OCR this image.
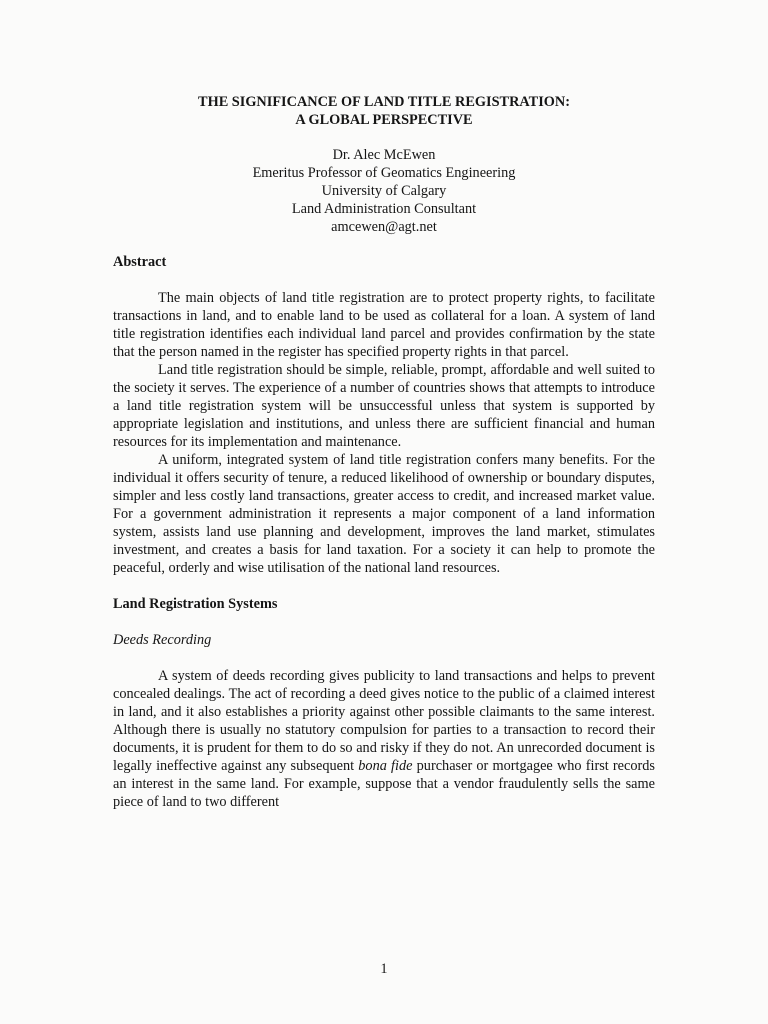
THE SIGNIFICANCE OF LAND TITLE REGISTRATION:
A GLOBAL PERSPECTIVE
Dr. Alec McEwen
Emeritus Professor of Geomatics Engineering
University of Calgary
Land Administration Consultant
amcewen@agt.net
Abstract

The main objects of land title registration are to protect property rights, to facilitate transactions in land, and to enable land to be used as collateral for a loan. A system of land title registration identifies each individual land parcel and provides confirmation by the state that the person named in the register has specified property rights in that parcel.

Land title registration should be simple, reliable, prompt, affordable and well suited to the society it serves. The experience of a number of countries shows that attempts to introduce a land title registration system will be unsuccessful unless that system is supported by appropriate legislation and institutions, and unless there are sufficient financial and human resources for its implementation and maintenance.

A uniform, integrated system of land title registration confers many benefits. For the individual it offers security of tenure, a reduced likelihood of ownership or boundary disputes, simpler and less costly land transactions, greater access to credit, and increased market value. For a government administration it represents a major component of a land information system, assists land use planning and development, improves the land market, stimulates investment, and creates a basis for land taxation. For a society it can help to promote the peaceful, orderly and wise utilisation of the national land resources.

Land Registration Systems
Deeds Recording

A system of deeds recording gives publicity to land transactions and helps to prevent concealed dealings. The act of recording a deed gives notice to the public of a claimed interest in land, and it also establishes a priority against other possible claimants to the same interest. Although there is usually no statutory compulsion for parties to a transaction to record their documents, it is prudent for them to do so and risky if they do not. An unrecorded document is legally ineffective against any subsequent bona fide purchaser or mortgagee who first records an interest in the same land. For example, suppose that a vendor fraudulently sells the same piece of land to two different

1
